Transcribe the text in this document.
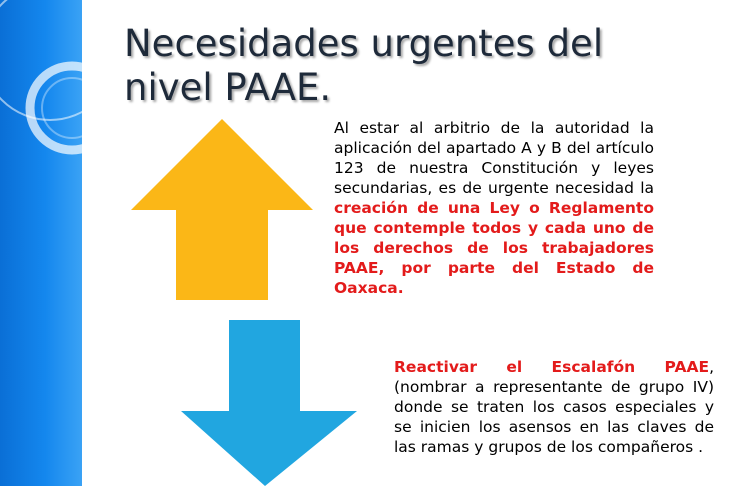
Necesidades urgentes del nivel PAAE.
Al estar al arbitrio de la autoridad la aplicación del apartado A y B del artículo 123 de nuestra Constitución y leyes secundarias, es de urgente necesidad la creación de una Ley o Reglamento que contemple todos y cada uno de los derechos de los trabajadores PAAE, por parte del Estado de Oaxaca.
Reactivar el Escalafón PAAE, (nombrar a representante de grupo IV) donde se traten los casos especiales y se inicien los asensos en las claves de las ramas y grupos de los compañeros .
